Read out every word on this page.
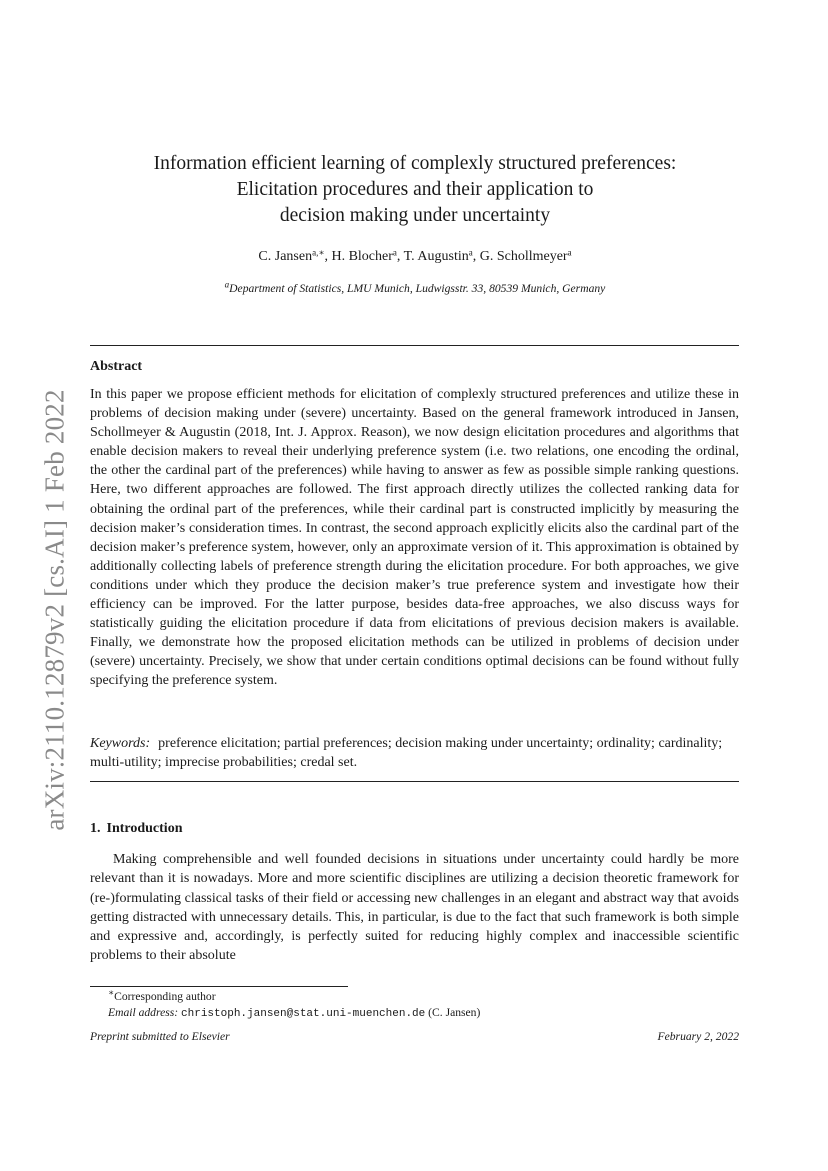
arXiv:2110.12879v2 [cs.AI] 1 Feb 2022
Information efficient learning of complexly structured preferences:
Elicitation procedures and their application to
decision making under uncertainty
C. Jansen$^{a,∗}$, H. Blocher$^a$, T. Augustin$^a$, G. Schollmeyer$^a$
$^a$Department of Statistics, LMU Munich, Ludwigsstr. 33, 80539 Munich, Germany
Abstract

In this paper we propose efficient methods for elicitation of complexly structured preferences and utilize these in problems of decision making under (severe) uncertainty. Based on the general framework introduced in Jansen, Schollmeyer & Augustin (2018, Int. J. Approx. Reason), we now design elicitation procedures and algorithms that enable decision makers to reveal their underlying preference system (i.e. two relations, one encoding the ordinal, the other the cardinal part of the preferences) while having to answer as few as possible simple ranking questions. Here, two different approaches are followed. The first approach directly utilizes the collected ranking data for obtaining the ordinal part of the preferences, while their cardinal part is constructed implicitly by measuring the decision maker’s consideration times. In contrast, the second approach explicitly elicits also the cardinal part of the decision maker’s preference system, however, only an approximate version of it. This approximation is obtained by additionally collecting labels of preference strength during the elicitation procedure. For both approaches, we give conditions under which they produce the decision maker’s true preference system and investigate how their efficiency can be improved. For the latter purpose, besides data-free approaches, we also discuss ways for statistically guiding the elicitation procedure if data from elicitations of previous decision makers is available. Finally, we demonstrate how the proposed elicitation methods can be utilized in problems of decision under (severe) uncertainty. Precisely, we show that under certain conditions optimal decisions can be found without fully specifying the preference system.

Keywords: preference elicitation; partial preferences; decision making under uncertainty; ordinality; cardinality; multi-utility; imprecise probabilities; credal set.

1. Introduction

Making comprehensible and well founded decisions in situations under uncertainty could hardly be more relevant than it is nowadays. More and more scientific disciplines are utilizing a decision theoretic framework for (re-)formulating classical tasks of their field or accessing new challenges in an elegant and abstract way that avoids getting distracted with unnecessary details. This, in particular, is due to the fact that such framework is both simple and expressive and, accordingly, is perfectly suited for reducing highly complex and inaccessible scientific problems to their absolute

∗Corresponding author
Email address: christoph.jansen@stat.uni-muenchen.de (C. Jansen)
Preprint submitted to Elsevier	February 2, 2022
